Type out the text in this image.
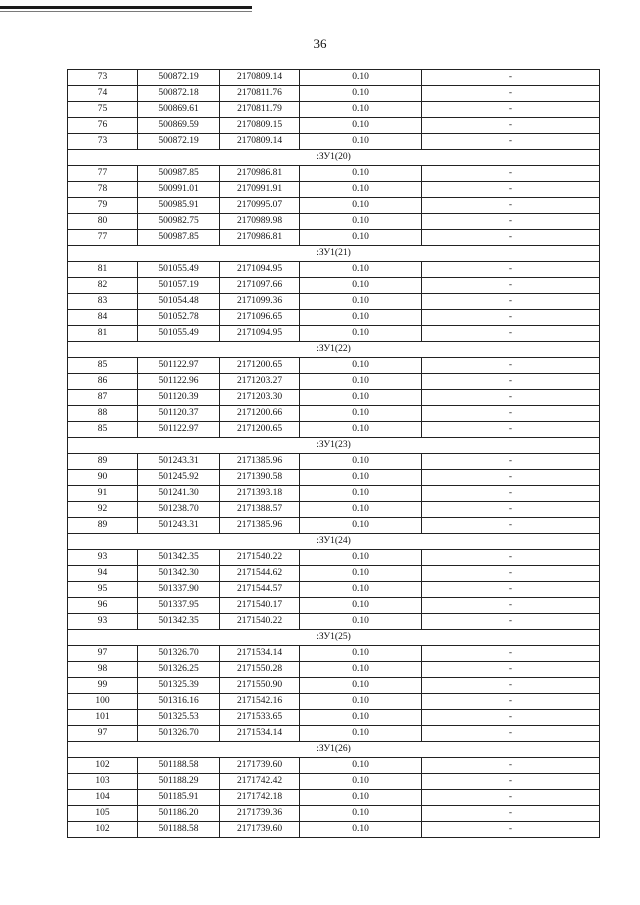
36
73	500872.19	2170809.14	0.10	-
74	500872.18	2170811.76	0.10	-
75	500869.61	2170811.79	0.10	-
76	500869.59	2170809.15	0.10	-
73	500872.19	2170809.14	0.10	-
:ЗУ1(20)				
77	500987.85	2170986.81	0.10	-
78	500991.01	2170991.91	0.10	-
79	500985.91	2170995.07	0.10	-
80	500982.75	2170989.98	0.10	-
77	500987.85	2170986.81	0.10	-
:ЗУ1(21)				
81	501055.49	2171094.95	0.10	-
82	501057.19	2171097.66	0.10	-
83	501054.48	2171099.36	0.10	-
84	501052.78	2171096.65	0.10	-
81	501055.49	2171094.95	0.10	-
:ЗУ1(22)				
85	501122.97	2171200.65	0.10	-
86	501122.96	2171203.27	0.10	-
87	501120.39	2171203.30	0.10	-
88	501120.37	2171200.66	0.10	-
85	501122.97	2171200.65	0.10	-
:ЗУ1(23)				
89	501243.31	2171385.96	0.10	-
90	501245.92	2171390.58	0.10	-
91	501241.30	2171393.18	0.10	-
92	501238.70	2171388.57	0.10	-
89	501243.31	2171385.96	0.10	-
:ЗУ1(24)				
93	501342.35	2171540.22	0.10	-
94	501342.30	2171544.62	0.10	-
95	501337.90	2171544.57	0.10	-
96	501337.95	2171540.17	0.10	-
93	501342.35	2171540.22	0.10	-
:ЗУ1(25)				
97	501326.70	2171534.14	0.10	-
98	501326.25	2171550.28	0.10	-
99	501325.39	2171550.90	0.10	-
100	501316.16	2171542.16	0.10	-
101	501325.53	2171533.65	0.10	-
97	501326.70	2171534.14	0.10	-
:ЗУ1(26)				
102	501188.58	2171739.60	0.10	-
103	501188.29	2171742.42	0.10	-
104	501185.91	2171742.18	0.10	-
105	501186.20	2171739.36	0.10	-
102	501188.58	2171739.60	0.10	-
